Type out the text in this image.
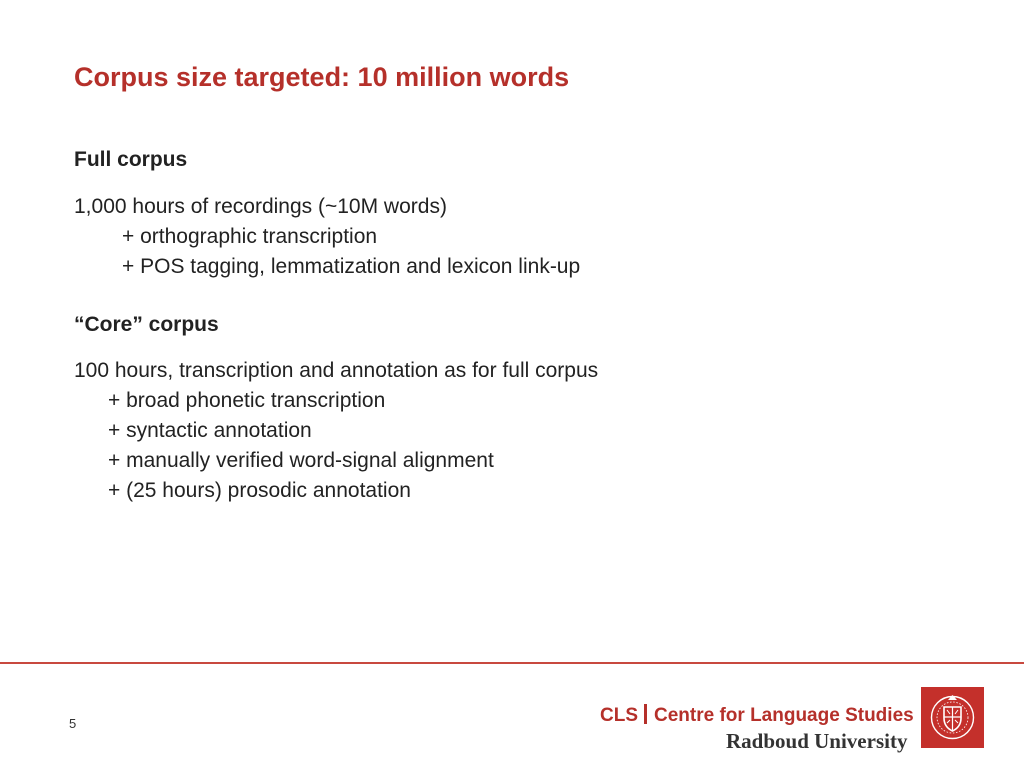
Corpus size targeted: 10 million words
Full corpus
1,000 hours of recordings (~10M words)
+ orthographic transcription
+ POS tagging, lemmatization and lexicon link-up
“Core” corpus
100 hours, transcription and annotation as for full corpus
+ broad phonetic transcription
+ syntactic annotation
+ manually verified word-signal alignment
+ (25 hours) prosodic annotation
5	CLS Centre for Language Studies
Radboud University
